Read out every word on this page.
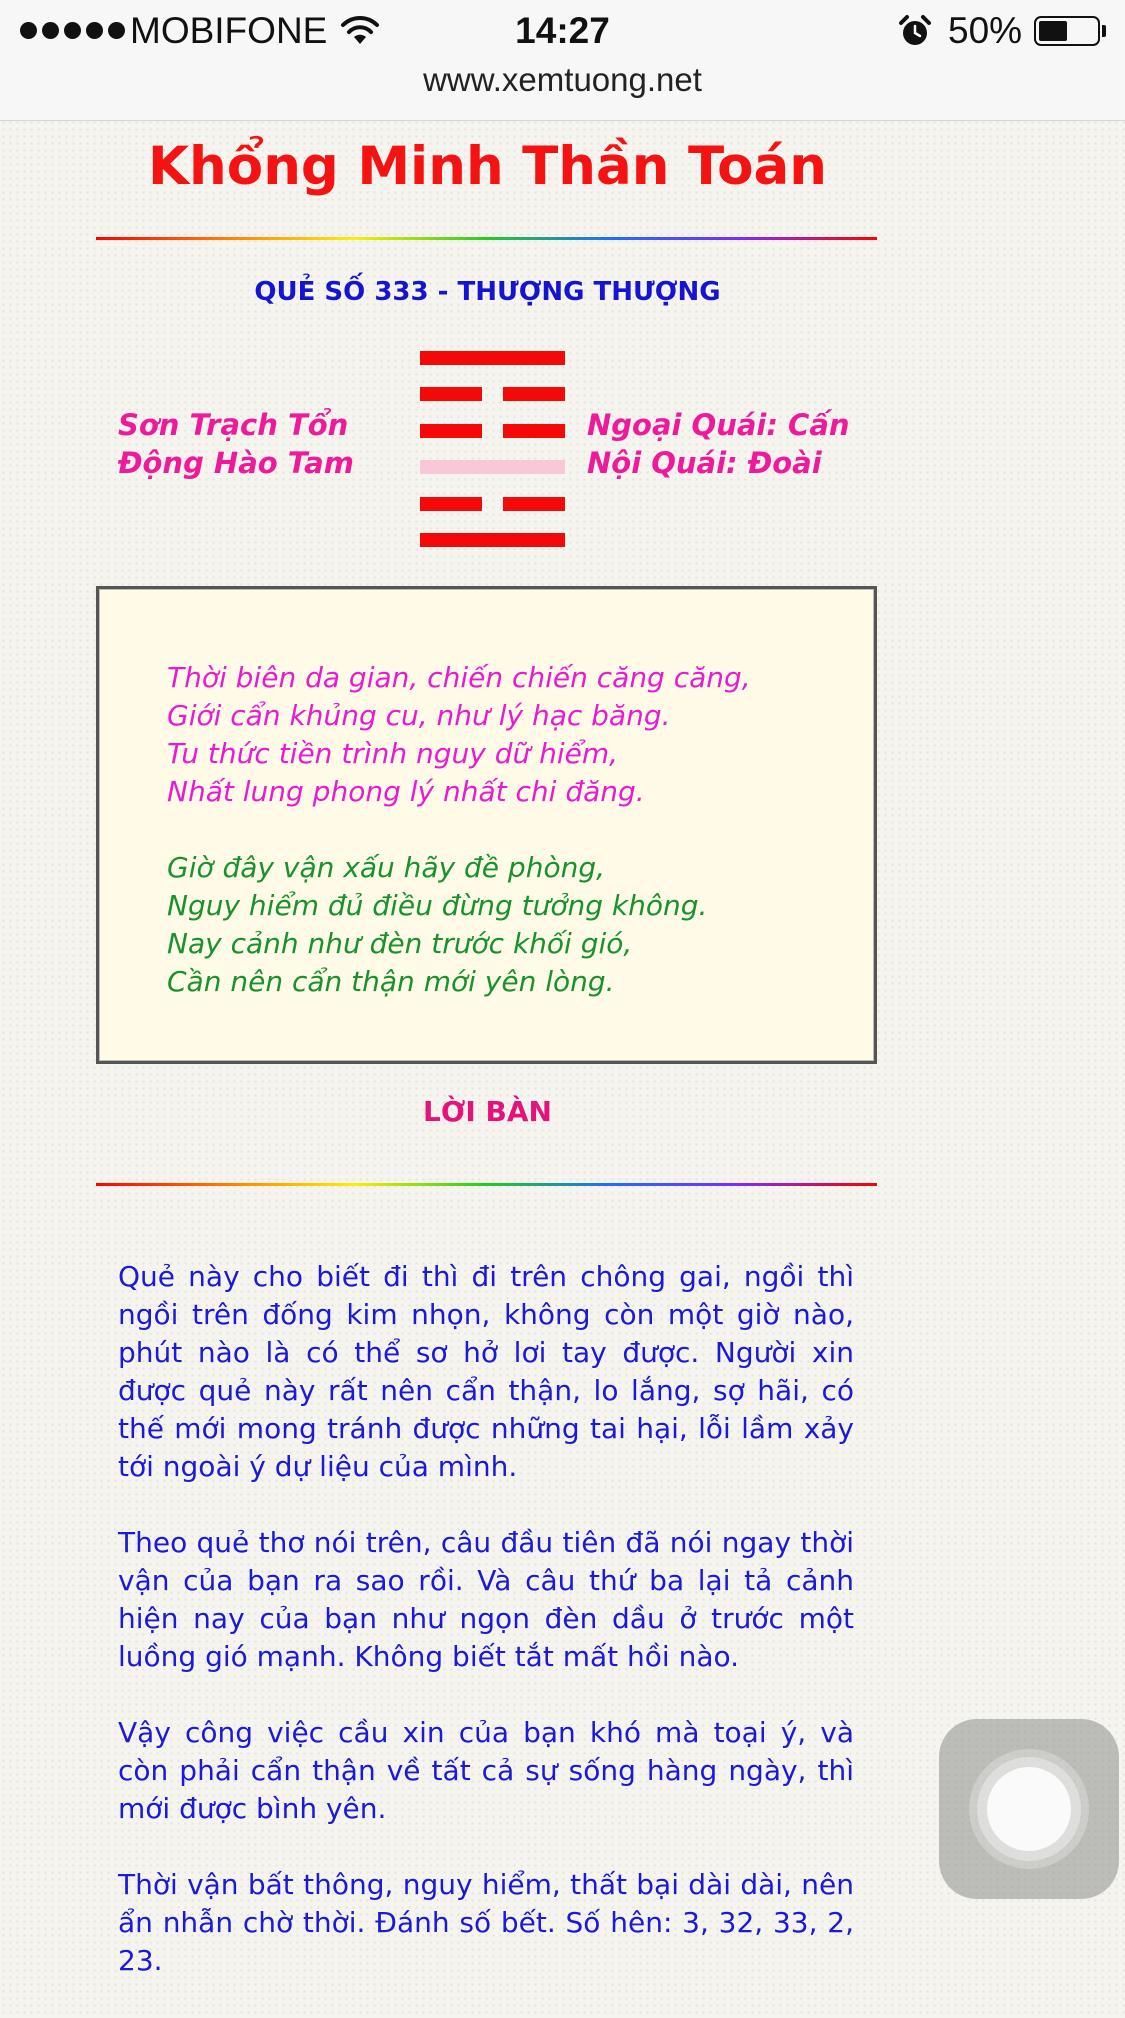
MOBIFONE	14:27	50%
www.xemtuong.net
Khổng Minh Thần Toán
QUẺ SỐ 333 - THƯỢNG THƯỢNG
Sơn Trạch Tổn
Động Hào Tam
Ngoại Quái: Cấn
Nội Quái: Đoài
Thời biên da gian, chiến chiến căng căng,
Giới cẩn khủng cu, như lý hạc băng.
Tu thức tiền trình nguy dữ hiểm,
Nhất lung phong lý nhất chi đăng.
Giờ đây vận xấu hãy đề phòng,
Nguy hiểm đủ điều đừng tưởng không.
Nay cảnh như đèn trước khối gió,
Cần nên cẩn thận mới yên lòng.
LỜI BÀN

Quẻ này cho biết đi thì đi trên chông gai, ngồi thì ngồi trên đống kim nhọn, không còn một giờ nào, phút nào là có thể sơ hở lơi tay được. Người xin được quẻ này rất nên cẩn thận, lo lắng, sợ hãi, có thế mới mong tránh được những tai hại, lỗi lầm xảy tới ngoài ý dự liệu của mình.

Theo quẻ thơ nói trên, câu đầu tiên đã nói ngay thời vận của bạn ra sao rồi. Và câu thứ ba lại tả cảnh hiện nay của bạn như ngọn đèn dầu ở trước một luồng gió mạnh. Không biết tắt mất hồi nào.

Vậy công việc cầu xin của bạn khó mà toại ý, và còn phải cẩn thận về tất cả sự sống hàng ngày, thì mới được bình yên.

Thời vận bất thông, nguy hiểm, thất bại dài dài, nên ẩn nhẫn chờ thời. Đánh số bết. Số hên: 3, 32, 33, 2, 23.
